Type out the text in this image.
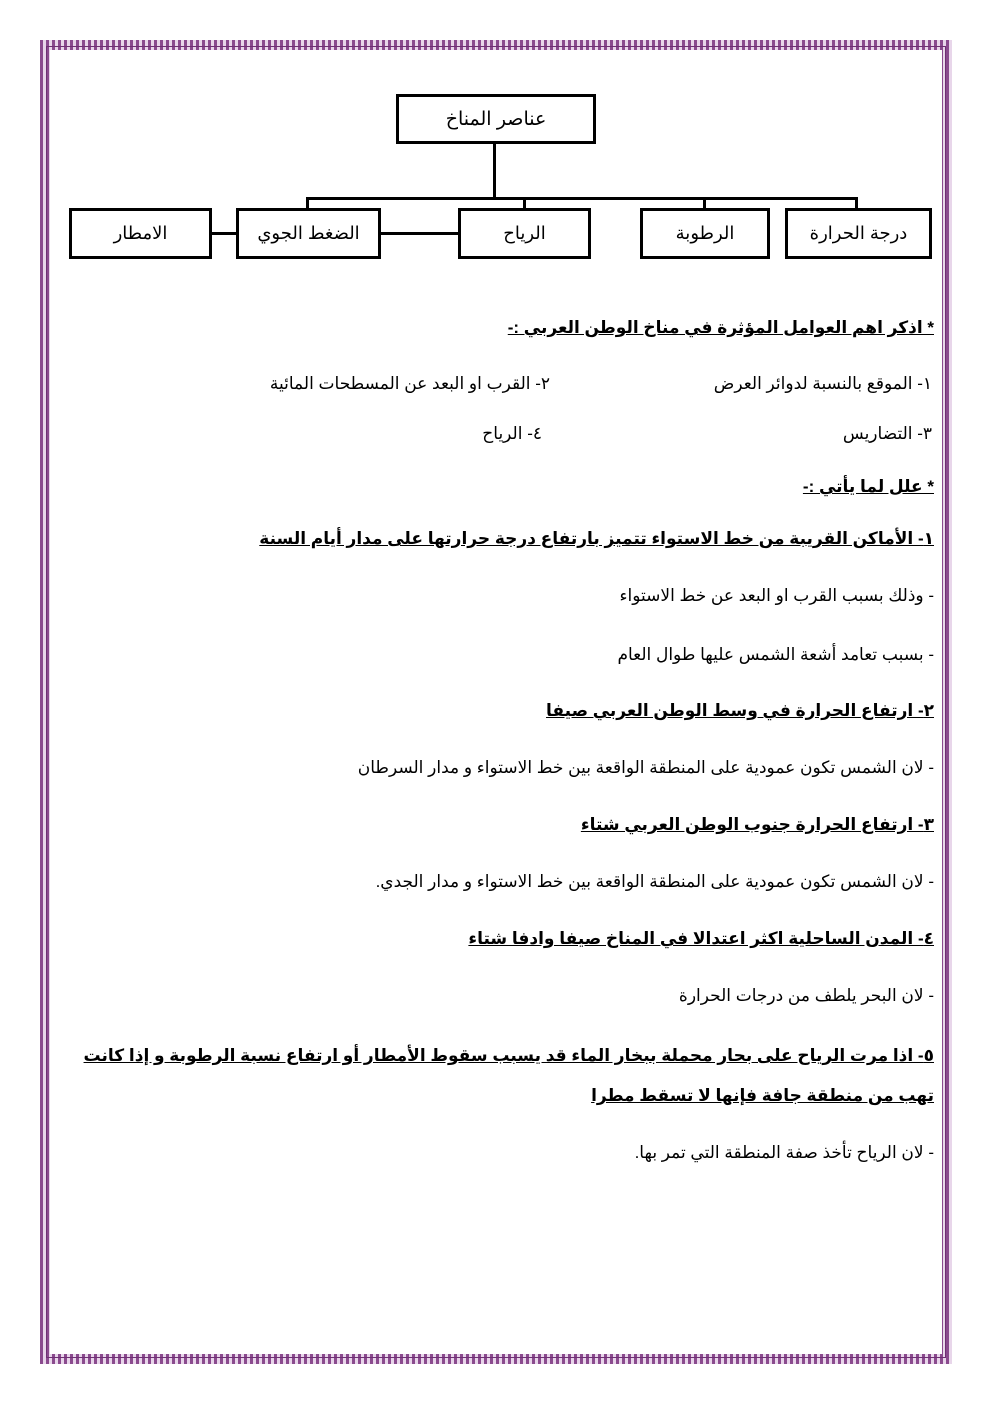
عناصر المناخ
درجة الحرارة
الرطوبة
الرياح
الضغط الجوي
الامطار
* اذكر اهم العوامل المؤثرة في مناخ الوطن العربي :-
١- الموقع بالنسبة لدوائر العرض
٢- القرب او البعد عن المسطحات المائية
٣- التضاريس
٤- الرياح
* علل لما يأتي :-
١- الأماكن القريبة من خط الاستواء تتميز بارتفاع درجة حرارتها على مدار أيام السنة
- وذلك بسبب القرب او البعد عن خط الاستواء
- بسبب تعامد أشعة الشمس عليها طوال العام
٢- ارتفاع الحرارة في وسط الوطن العربي صيفا
- لان الشمس تكون عمودية على المنطقة الواقعة بين خط الاستواء و مدار السرطان
٣- ارتفاع الحرارة جنوب الوطن العربي شتاء
- لان الشمس تكون عمودية على المنطقة الواقعة بين خط الاستواء و مدار الجدي.
٤- المدن الساحلية اكثر اعتدالا في المناخ صيفا وادفا شتاء
- لان البحر يلطف من درجات الحرارة
٥- اذا مرت الرياح على بحار محملة ببخار الماء قد يسبب سقوط الأمطار أو ارتفاع نسبة الرطوبة و إذا كانت تهب من منطقة جافة فإنها لا تسقط مطرا
- لان الرياح تأخذ صفة المنطقة التي تمر بها.
